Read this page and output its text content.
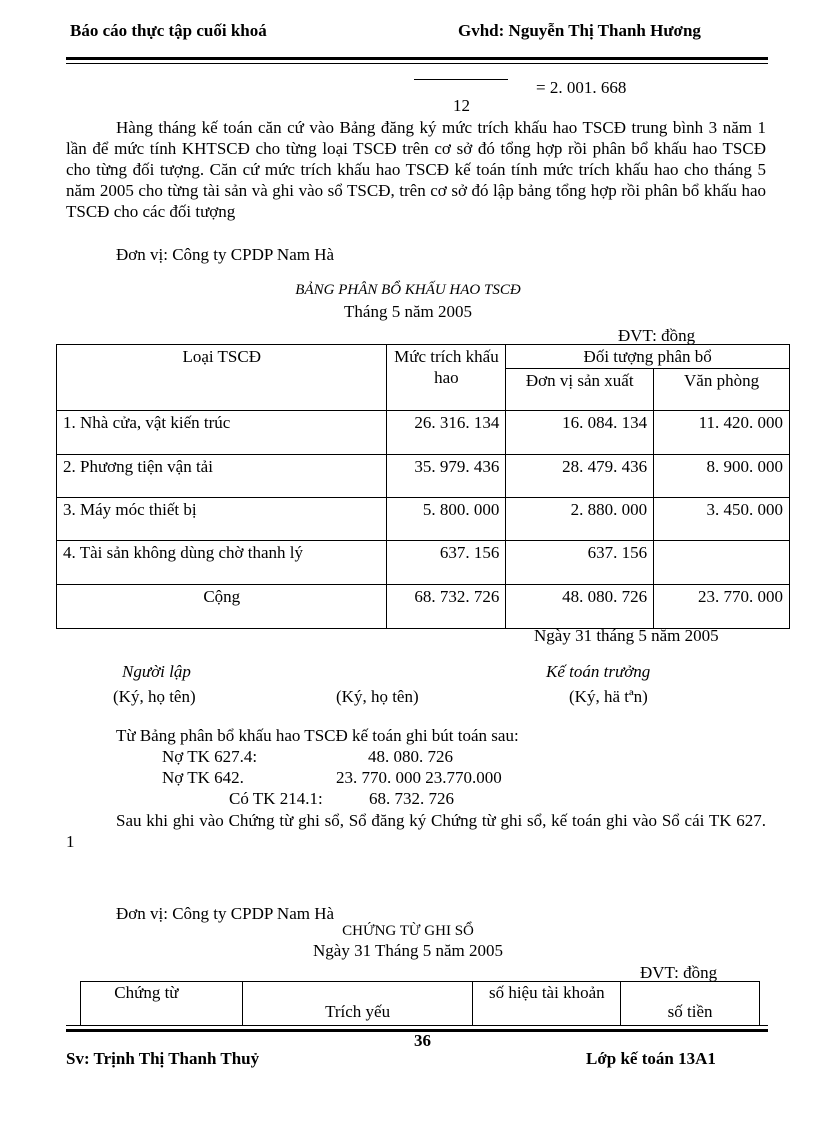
Báo cáo thực tập cuối khoá	Gvhd: Nguyễn Thị Thanh Hương
= 2. 001. 668
12
Hàng tháng kế toán căn cứ vào Bảng đăng ký mức trích khấu hao TSCĐ trung bình 3 năm 1 lần để mức tính KHTSCĐ cho từng loại TSCĐ trên cơ sở đó tổng hợp rồi phân bổ khấu hao TSCĐ cho từng đối tượng. Căn cứ mức trích khấu hao TSCĐ kế toán tính mức trích khấu hao cho tháng 5 năm 2005 cho từng tài sản và ghi vào sổ TSCĐ, trên cơ sở đó lập bảng tổng hợp rồi phân bổ khấu hao TSCĐ cho các đối tượng
Đơn vị: Công ty CPDP Nam Hà
BẢNG PHÂN BỔ KHẤU HAO TSCĐ
Tháng 5 năm 2005
ĐVT: đồng
Loại TSCĐ	Mức trích khấu hao	Đối tượng phân bổ	
		Đơn vị sản xuất	Văn phòng
1. Nhà cửa, vật kiến trúc	26. 316. 134	16. 084. 134	11. 420. 000
2. Phương tiện vận tải	35. 979. 436	28. 479. 436	8. 900. 000
3. Máy móc thiết bị	5. 800. 000	2. 880. 000	3. 450. 000
4. Tài sản không dùng chờ thanh lý	637. 156	637. 156	
Cộng	68. 732. 726	48. 080. 726	23. 770. 000
Ngày 31 tháng 5 năm 2005
Người lập	Kế toán trưởng
(Ký, họ tên)	(Ký, họ tên)	(Ký, hä tªn)
Từ Bảng phân bổ khấu hao TSCĐ kế toán ghi bút toán sau:
Nợ TK 627.4:	48. 080. 726
Nợ TK 642.	23. 770. 000 23.770.000
Có TK 214.1:	68. 732. 726
Sau khi ghi vào Chứng từ ghi sổ, Sổ đăng ký Chứng từ ghi sổ, kế toán ghi vào Sổ cái TK 627. 1
Đơn vị: Công ty CPDP Nam Hà
CHỨNG TỪ GHI SỔ
Ngày 31 Tháng 5 năm 2005
ĐVT: đồng
Chứng từ	Trích yếu	số hiệu tài khoản	số tiền
36
Sv: Trịnh Thị Thanh Thuỷ	Lớp kế toán 13A1
